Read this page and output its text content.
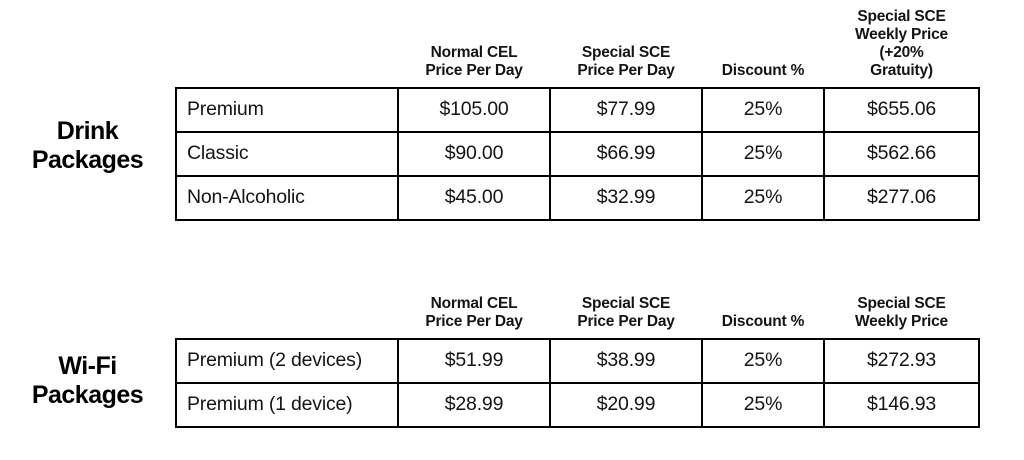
Drink
Packages

	Normal CEL
Price Per Day	Special SCE
Price Per Day	Discount %	Special SCE
Weekly Price
(+20%
Gratuity)

Premium	$105.00	$77.99	25%	$655.06
Classic	$90.00	$66.99	25%	$562.66
Non-Alcoholic	$45.00	$32.99	25%	$277.06
Wi-Fi
Packages

	Normal CEL
Price Per Day	Special SCE
Price Per Day	Discount %	Special SCE
Weekly Price

Premium (2 devices)	$51.99	$38.99	25%	$272.93
Premium (1 device)	$28.99	$20.99	25%	$146.93
